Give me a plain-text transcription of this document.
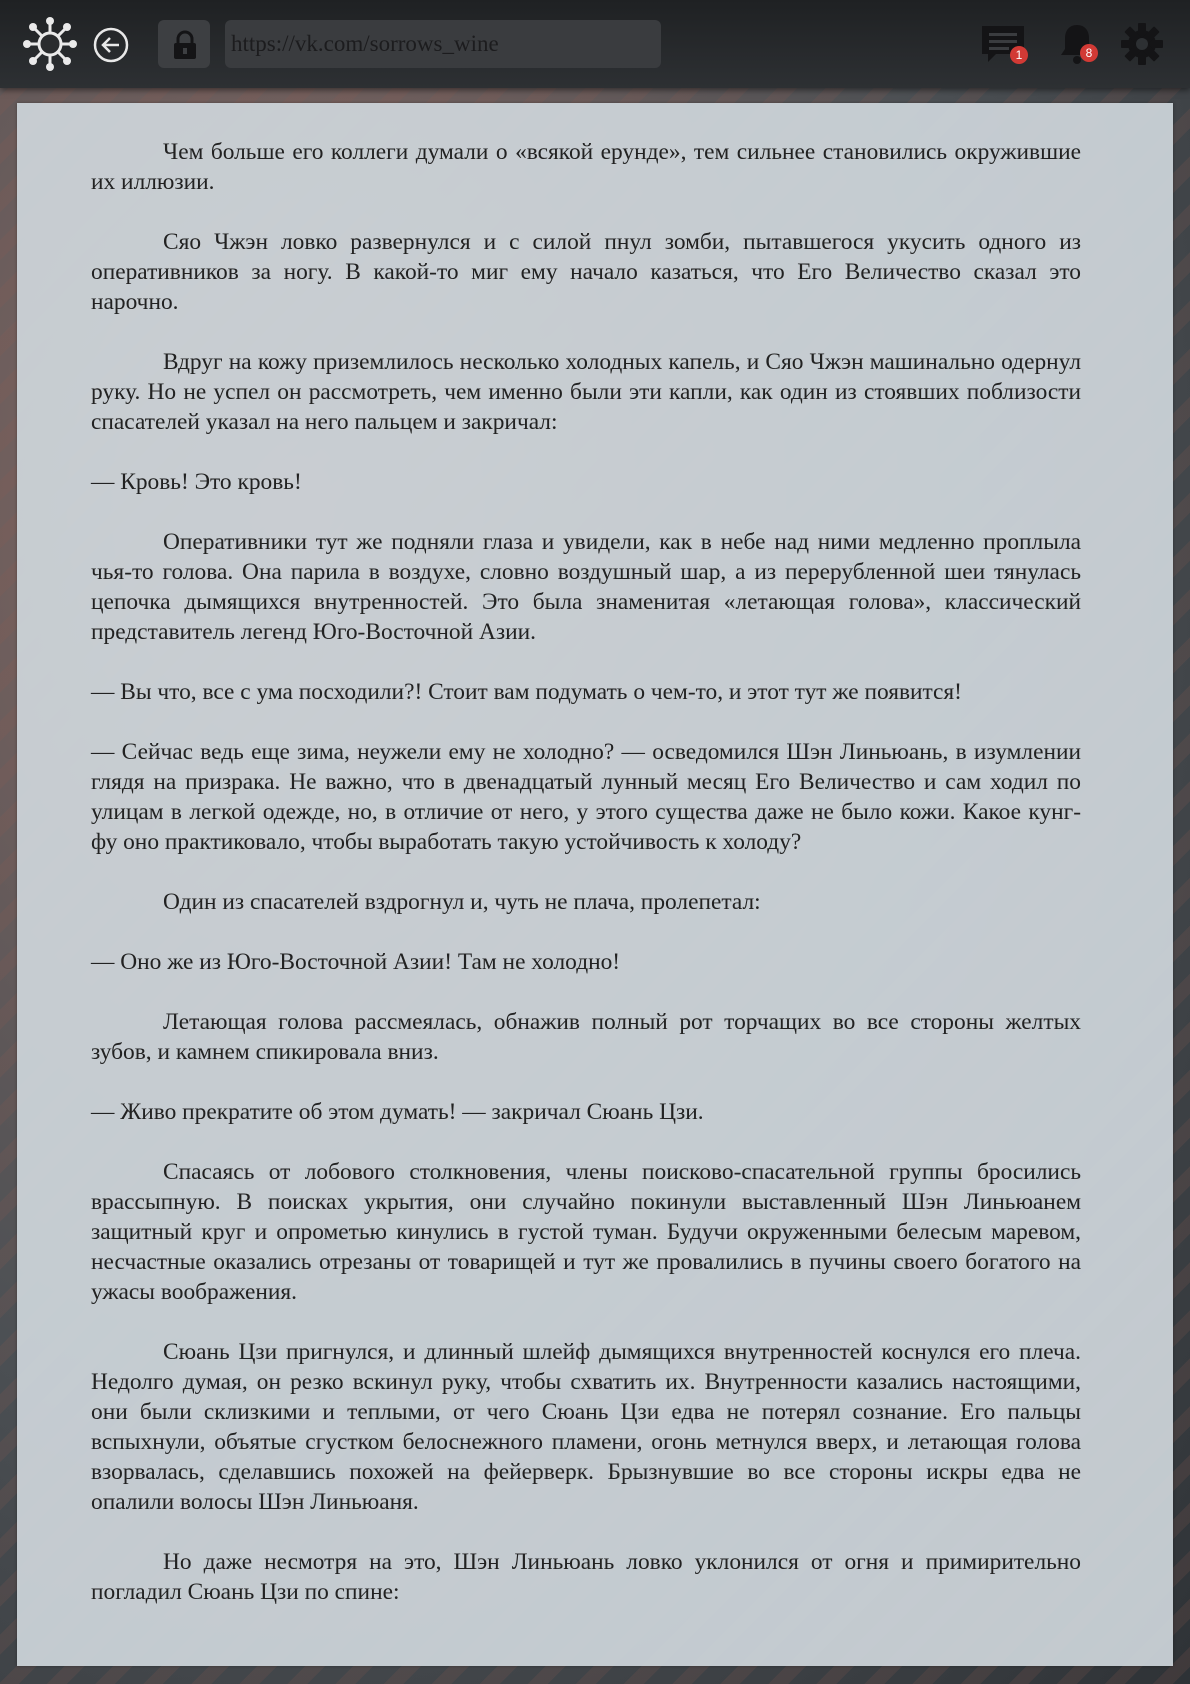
https://vk.com/sorrows_wine
1	8

Чем больше его коллеги думали о «всякой ерунде», тем сильнее становились окружившие их иллюзии.

Сяо Чжэн ловко развернулся и с силой пнул зомби, пытавшегося укусить одного из оперативников за ногу. В какой-то миг ему начало казаться, что Его Величество сказал это нарочно.

Вдруг на кожу приземлилось несколько холодных капель, и Сяо Чжэн машинально одернул руку. Но не успел он рассмотреть, чем именно были эти капли, как один из стоявших поблизости спасателей указал на него пальцем и закричал:

— Кровь! Это кровь!

Оперативники тут же подняли глаза и увидели, как в небе над ними медленно проплыла чья-то голова. Она парила в воздухе, словно воздушный шар, а из перерубленной шеи тянулась цепочка дымящихся внутренностей. Это была знаменитая «летающая голова», классический представитель легенд Юго-Восточной Азии.

— Вы что, все с ума посходили?! Стоит вам подумать о чем-то, и этот тут же появится!

— Сейчас ведь еще зима, неужели ему не холодно? — осведомился Шэн Линьюань, в изумлении глядя на призрака. Не важно, что в двенадцатый лунный месяц Его Величество и сам ходил по улицам в легкой одежде, но, в отличие от него, у этого существа даже не было кожи. Какое кунг-фу оно практиковало, чтобы выработать такую устойчивость к холоду?

Один из спасателей вздрогнул и, чуть не плача, пролепетал:

— Оно же из Юго-Восточной Азии! Там не холодно!

Летающая голова рассмеялась, обнажив полный рот торчащих во все стороны желтых зубов, и камнем спикировала вниз.

— Живо прекратите об этом думать! — закричал Сюань Цзи.

Спасаясь от лобового столкновения, члены поисково-спасательной группы бросились врассыпную. В поисках укрытия, они случайно покинули выставленный Шэн Линьюанем защитный круг и опрометью кинулись в густой туман. Будучи окруженными белесым маревом, несчастные оказались отрезаны от товарищей и тут же провалились в пучины своего богатого на ужасы воображения.

Сюань Цзи пригнулся, и длинный шлейф дымящихся внутренностей коснулся его плеча. Недолго думая, он резко вскинул руку, чтобы схватить их. Внутренности казались настоящими, они были склизкими и теплыми, от чего Сюань Цзи едва не потерял сознание. Его пальцы вспыхнули, объятые сгустком белоснежного пламени, огонь метнулся вверх, и летающая голова взорвалась, сделавшись похожей на фейерверк. Брызнувшие во все стороны искры едва не опалили волосы Шэн Линьюаня.

Но даже несмотря на это, Шэн Линьюань ловко уклонился от огня и примирительно погладил Сюань Цзи по спине:
